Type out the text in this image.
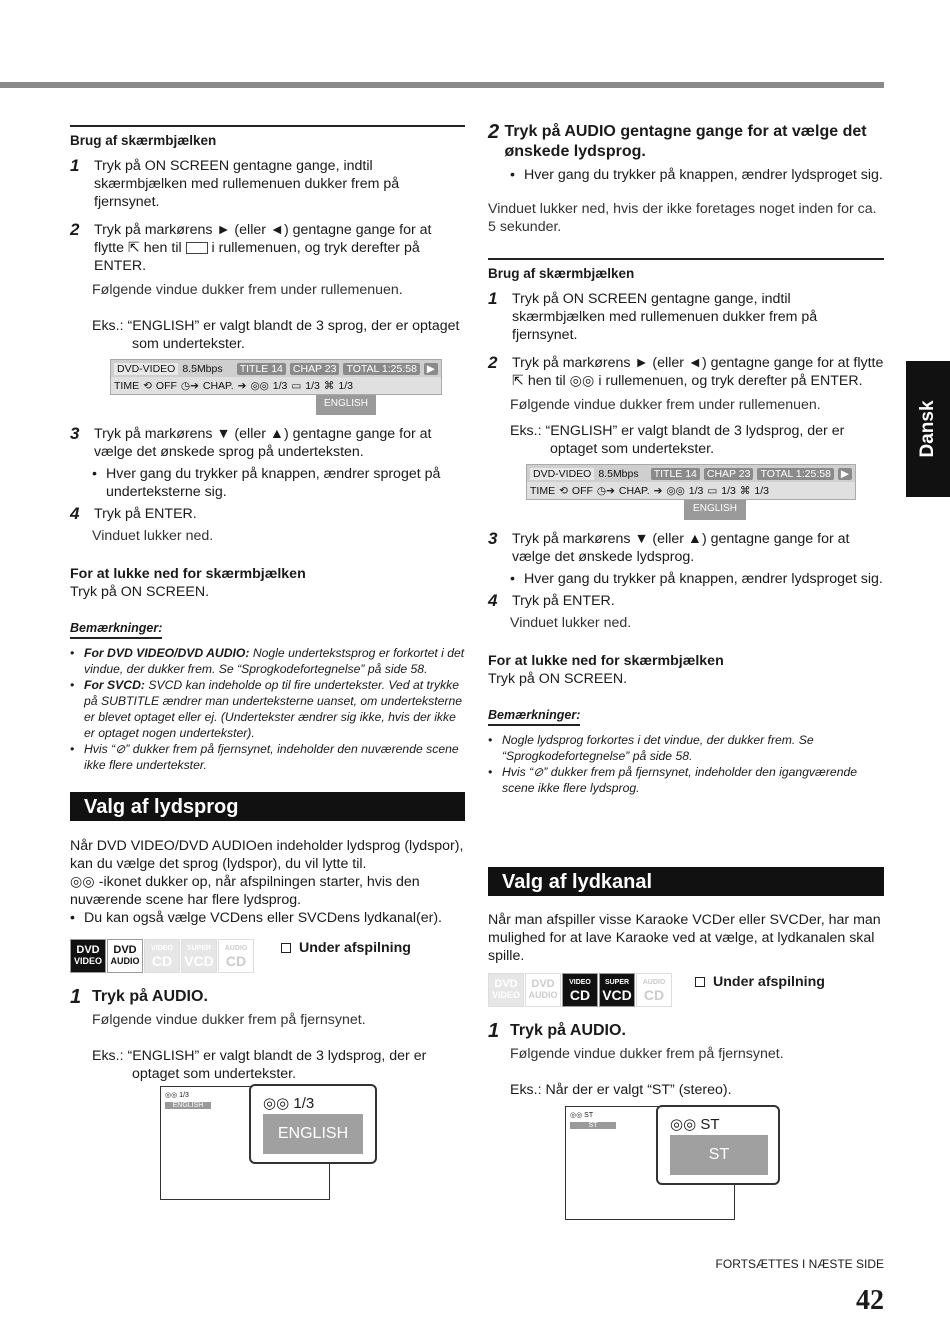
Dansk
Brug af skærmbjælken
1	Tryk på ON SCREEN gentagne gange, indtil skærmbjælken med rullemenuen dukker frem på fjernsynet.
2	Tryk på markørens ► (eller ◄) gentagne gange for at flytte ⇱ hen til i rullemenuen, og tryk derefter på ENTER.
Følgende vindue dukker frem under rullemenuen.
Eks.: “ENGLISH” er valgt blandt de 3 sprog, der er optaget som undertekster.
DVD-VIDEO 8.5Mbps TITLE 14 CHAP 23 TOTAL 1:25:58 ▶
TIME ⟲ OFF ◷➔ CHAP. ➔ ◎◎ 1/3 ▭ 1/3 ⌘ 1/3
ENGLISH
3	Tryk på markørens ▼ (eller ▲) gentagne gange for at vælge det ønskede sprog på underteksten.
• Hver gang du trykker på knappen, ændrer sproget på underteksterne sig.
4	Tryk på ENTER.
Vinduet lukker ned.
For at lukke ned for skærmbjælken
Tryk på ON SCREEN.
Bemærkninger:
• For DVD VIDEO/DVD AUDIO: Nogle undertekstsprog er forkortet i det vindue, der dukker frem. Se “Sprogkodefortegnelse” på side 58.
• For SVCD: SVCD kan indeholde op til fire undertekster. Ved at trykke på SUBTITLE ændrer man underteksterne uanset, om underteksterne er blevet optaget eller ej. (Undertekster ændrer sig ikke, hvis der ikke er optaget nogen undertekster).
• Hvis “⊘” dukker frem på fjernsynet, indeholder den nuværende scene ikke flere undertekster.
Valg af lydsprog
Når DVD VIDEO/DVD AUDIOen indeholder lydsprog (lydspor), kan du vælge det sprog (lydspor), du vil lytte til.
◎◎ -ikonet dukker op, når afspilningen starter, hvis den nuværende scene har flere lydsprog.
• Du kan også vælge VCDens eller SVCDens lydkanal(er).
DVD
VIDEO
DVD
AUDIO
VIDEO
CD
SUPER
VCD
AUDIO
CD
Under afspilning
1 Tryk på AUDIO.
Følgende vindue dukker frem på fjernsynet.
Eks.: “ENGLISH” er valgt blandt de 3 lydsprog, der er optaget som undertekster.
◎◎ 1/3
ENGLISH	◎◎ 1/3
ENGLISH
2 Tryk på AUDIO gentagne gange for at vælge det ønskede lydsprog.
• Hver gang du trykker på knappen, ændrer lydsproget sig.
Vinduet lukker ned, hvis der ikke foretages noget inden for ca. 5 sekunder.
Brug af skærmbjælken
1	Tryk på ON SCREEN gentagne gange, indtil skærmbjælken med rullemenuen dukker frem på fjernsynet.
2	Tryk på markørens ► (eller ◄) gentagne gange for at flytte ⇱ hen til ◎◎ i rullemenuen, og tryk derefter på ENTER.
Følgende vindue dukker frem under rullemenuen.
Eks.: “ENGLISH” er valgt blandt de 3 lydsprog, der er optaget som undertekster.
DVD-VIDEO 8.5Mbps TITLE 14 CHAP 23 TOTAL 1:25:58 ▶
TIME ⟲ OFF ◷➔ CHAP. ➔ ◎◎ 1/3 ▭ 1/3 ⌘ 1/3
ENGLISH
3	Tryk på markørens ▼ (eller ▲) gentagne gange for at vælge det ønskede lydsprog.
• Hver gang du trykker på knappen, ændrer lydsproget sig.
4	Tryk på ENTER.
Vinduet lukker ned.
For at lukke ned for skærmbjælken
Tryk på ON SCREEN.
Bemærkninger:
• Nogle lydsprog forkortes i det vindue, der dukker frem. Se “Sprogkodefortegnelse” på side 58.
• Hvis “⊘” dukker frem på fjernsynet, indeholder den igangværende scene ikke flere lydsprog.
Valg af lydkanal
Når man afspiller visse Karaoke VCDer eller SVCDer, har man mulighed for at lave Karaoke ved at vælge, at lydkanalen skal spille.
DVD
VIDEO
DVD
AUDIO
VIDEO
CD
SUPER
VCD
AUDIO
CD
Under afspilning
1 Tryk på AUDIO.
Følgende vindue dukker frem på fjernsynet.
Eks.: Når der er valgt “ST” (stereo).
◎◎ ST
ST	◎◎ ST
ST
FORTSÆTTES I NÆSTE SIDE
42
